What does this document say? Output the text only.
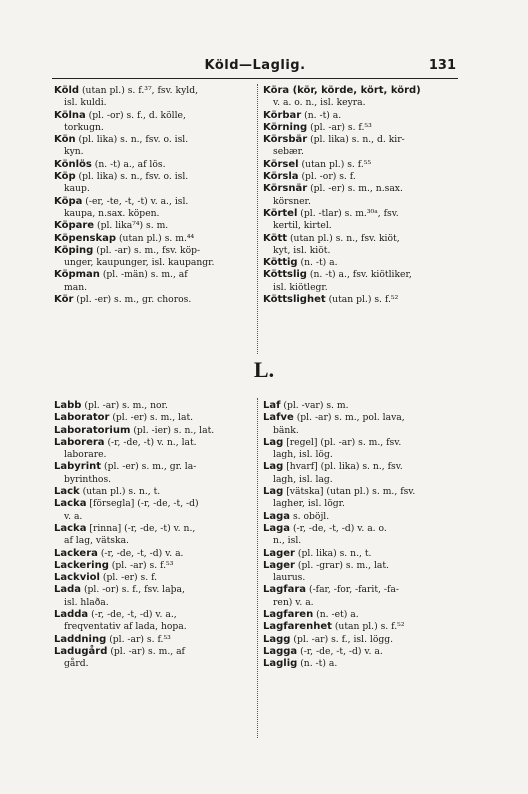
Köld—Laglig.	131

Köld (utan pl.) s. f.³⁷, fsv. kyld,
isl. kuldi.

Kölna (pl. -or) s. f., d. kölle,
torkugn.

Kön (pl. lika) s. n., fsv. o. isl.
kyn.

Könlös (n. -t) a., af lös.

Köp (pl. lika) s. n., fsv. o. isl.
kaup.

Köpa (-er, -te, -t, -t) v. a., isl.
kaupa, n.sax. köpen.

Köpare (pl. lika⁷⁴) s. m.

Köpenskap (utan pl.) s. m.⁴⁴

Köping (pl. -ar) s. m., fsv. köp-
unger, kaupunger, isl. kaupangr.

Köpman (pl. -män) s. m., af
man.

Kör (pl. -er) s. m., gr. choros.

Köra (kör, körde, kört, körd)
v. a. o. n., isl. keyra.

Körbar (n. -t) a.

Körning (pl. -ar) s. f.⁵³

Körsbär (pl. lika) s. n., d. kir-
sebær.

Körsel (utan pl.) s. f.⁵⁵

Körsla (pl. -or) s. f.

Körsnär (pl. -er) s. m., n.sax.
körsner.

Körtel (pl. -tlar) s. m.³⁰ᵃ, fsv.
kertil, kirtel.

Kött (utan pl.) s. n., fsv. kiöt,
kyt, isl. kiöt.

Köttig (n. -t) a.

Köttslig (n. -t) a., fsv. kiötliker,
isl. kiötlegr.

Köttslighet (utan pl.) s. f.⁵²

L.

Labb (pl. -ar) s. m., nor.

Laborator (pl. -er) s. m., lat.

Laboratorium (pl. -ier) s. n., lat.

Laborera (-r, -de, -t) v. n., lat.
laborare.

Labyrint (pl. -er) s. m., gr. la-
byrinthos.

Lack (utan pl.) s. n., t.

Lacka [försegla] (-r, -de, -t, -d)
v. a.

Lacka [rinna] (-r, -de, -t) v. n.,
af lag, vätska.

Lackera (-r, -de, -t, -d) v. a.

Lackering (pl. -ar) s. f.⁵³

Lackviol (pl. -er) s. f.

Lada (pl. -or) s. f., fsv. laþa,
isl. hlaða.

Ladda (-r, -de, -t, -d) v. a.,
freqventativ af lada, hopa.

Laddning (pl. -ar) s. f.⁵³

Ladugård (pl. -ar) s. m., af
gård.

Laf (pl. -var) s. m.

Lafve (pl. -ar) s. m., pol. lava,
bänk.

Lag [regel] (pl. -ar) s. m., fsv.
lagh, isl. lög.

Lag [hvarf] (pl. lika) s. n., fsv.
lagh, isl. lag.

Lag [vätska] (utan pl.) s. m., fsv.
lagher, isl. lögr.

Laga s. oböjl.

Laga (-r, -de, -t, -d) v. a. o.
n., isl.

Lager (pl. lika) s. n., t.

Lager (pl. -grar) s. m., lat.
laurus.

Lagfara (-far, -for, -farit, -fa-
ren) v. a.

Lagfaren (n. -et) a.

Lagfarenhet (utan pl.) s. f.⁵²

Lagg (pl. -ar) s. f., isl. lögg.

Lagga (-r, -de, -t, -d) v. a.

Laglig (n. -t) a.
